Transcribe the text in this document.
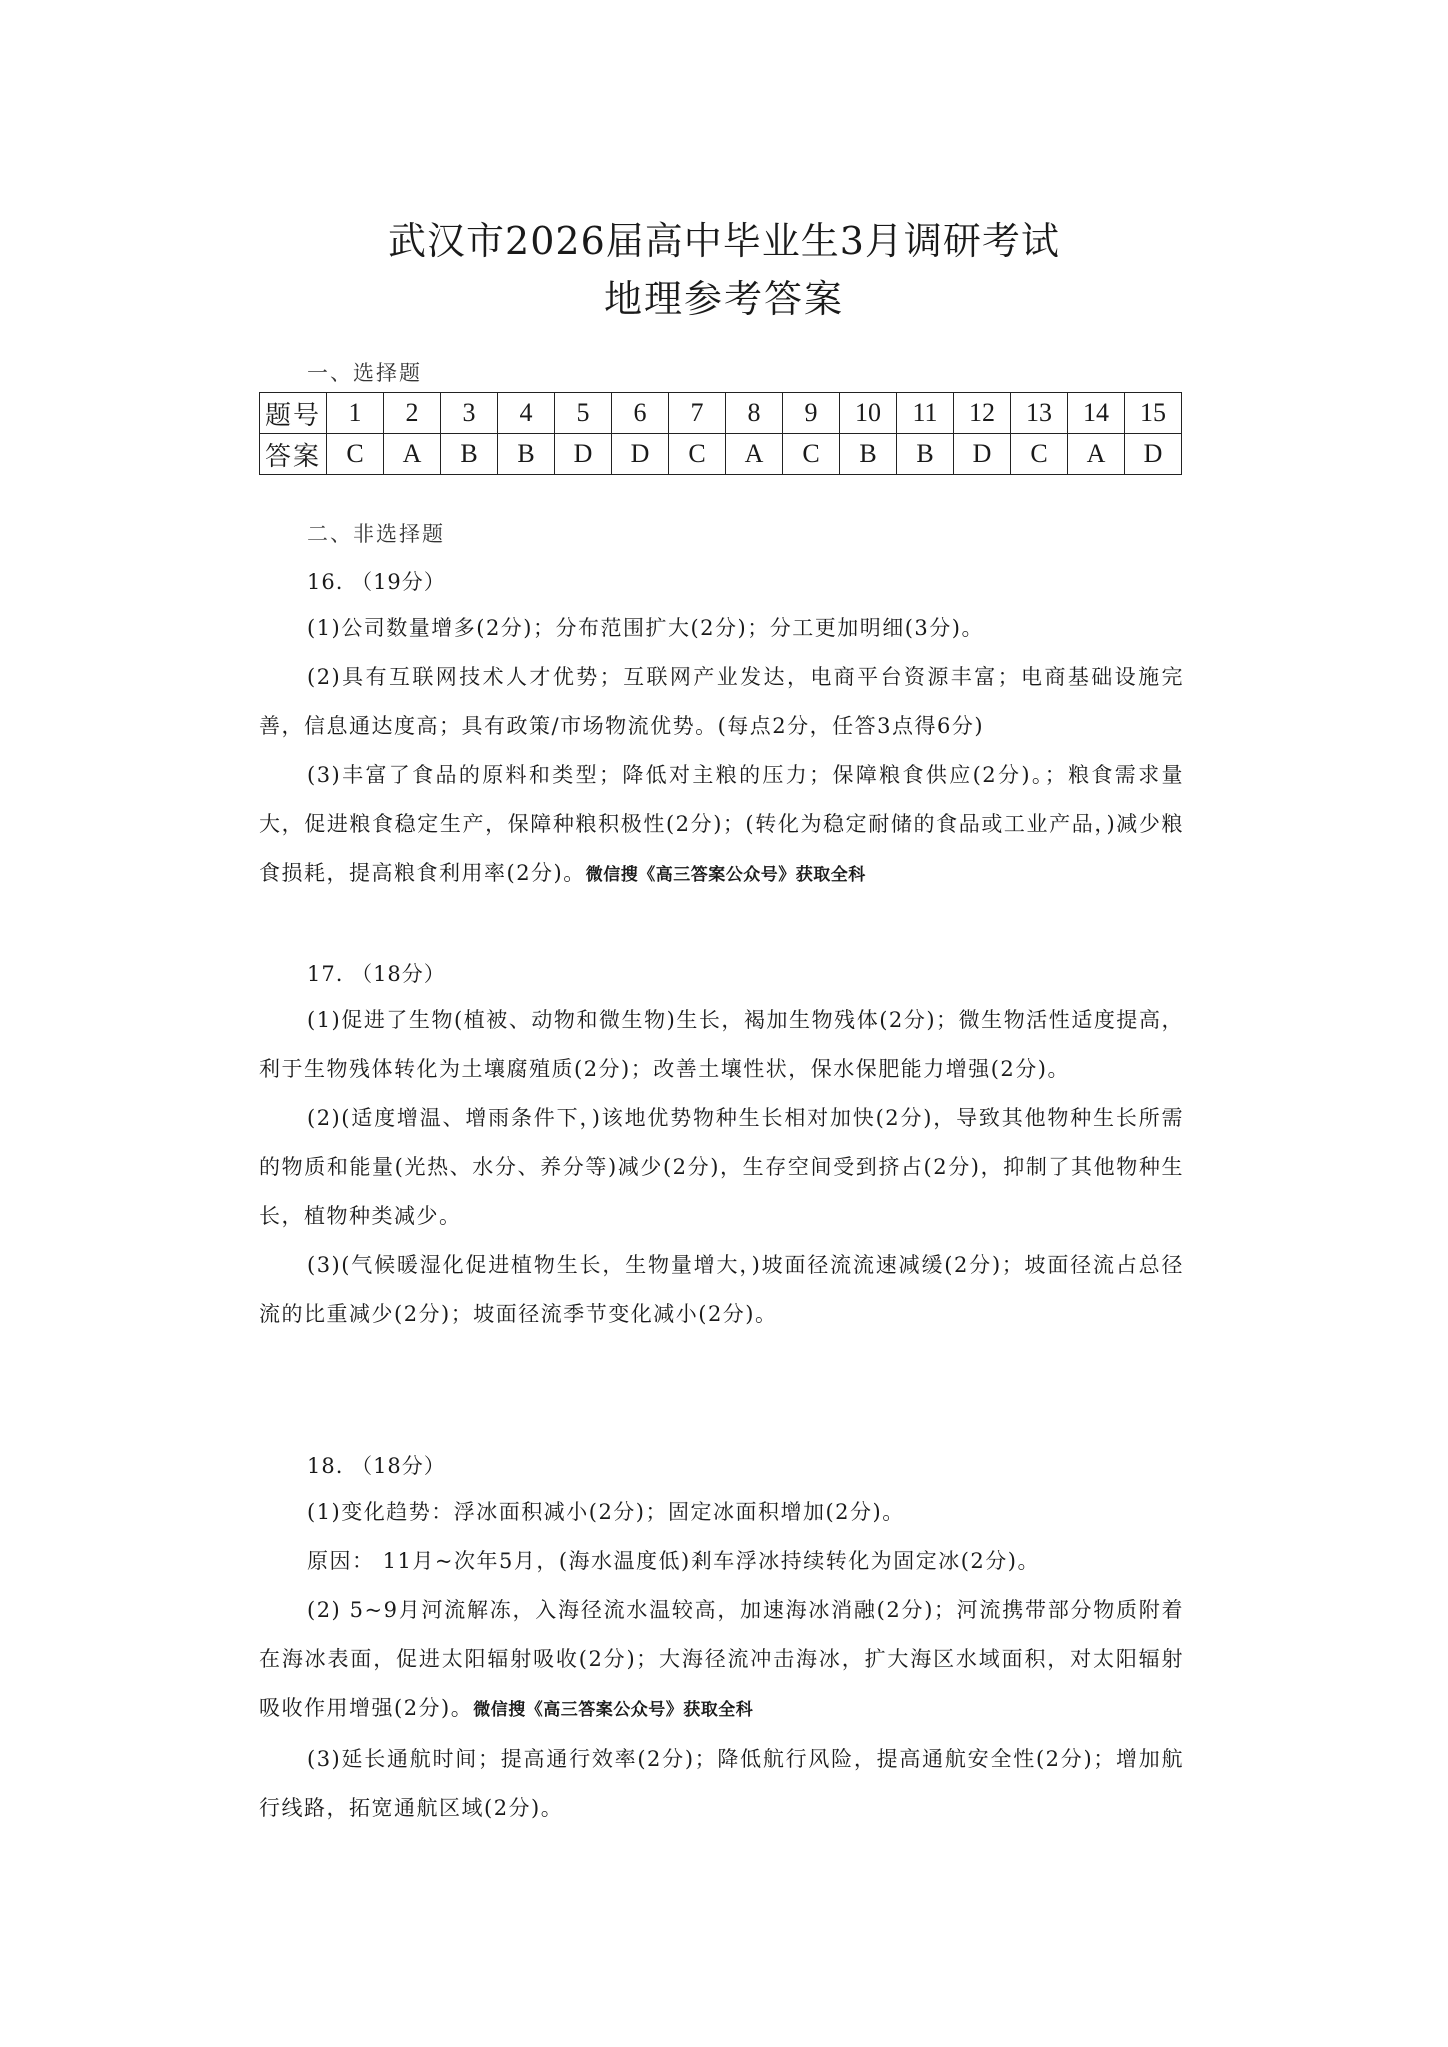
武汉市2026届高中毕业生3月调研考试
地理参考答案
一、选择题
题号	1	2	3	4	5	6	7	8	9	10	11	12	13	14	15
答案	C	A	B	B	D	D	C	A	C	B	B	D	C	A	D
二、非选择题
16. （19分）

(1)公司数量增多(2分)；分布范围扩大(2分)；分工更加明细(3分)。

(2)具有互联网技术人才优势；互联网产业发达，电商平台资源丰富；电商基础设施完善，信息通达度高；具有政策/市场物流优势。(每点2分，任答3点得6分)

(3)丰富了食品的原料和类型；降低对主粮的压力；保障粮食供应(2分)。；粮食需求量大，促进粮食稳定生产，保障种粮积极性(2分)；(转化为稳定耐储的食品或工业产品，)减少粮食损耗，提高粮食利用率(2分)。微信搜《高三答案公众号》获取全科

17. （18分）

(1)促进了生物(植被、动物和微生物)生长，褐加生物残体(2分)；微生物活性适度提高，利于生物残体转化为土壤腐殖质(2分)；改善土壤性状，保水保肥能力增强(2分)。

(2)(适度增温、增雨条件下，)该地优势物种生长相对加快(2分)，导致其他物种生长所需的物质和能量(光热、水分、养分等)减少(2分)，生存空间受到挤占(2分)，抑制了其他物种生长，植物种类减少。

(3)(气候暖湿化促进植物生长，生物量增大，)坡面径流流速减缓(2分)；坡面径流占总径流的比重减少(2分)；坡面径流季节变化减小(2分)。

18. （18分）

(1)变化趋势：浮冰面积减小(2分)；固定冰面积增加(2分)。

原因： 11月~次年5月，(海水温度低)剎车浮冰持续转化为固定冰(2分)。

(2) 5~9月河流解冻，入海径流水温较高，加速海冰消融(2分)；河流携带部分物质附着在海冰表面，促进太阳辐射吸收(2分)；大海径流冲击海冰，扩大海区水域面积，对太阳辐射吸收作用增强(2分)。微信搜《高三答案公众号》获取全科

(3)延长通航时间；提高通行效率(2分)；降低航行风险，提高通航安全性(2分)；增加航行线路，拓宽通航区域(2分)。
